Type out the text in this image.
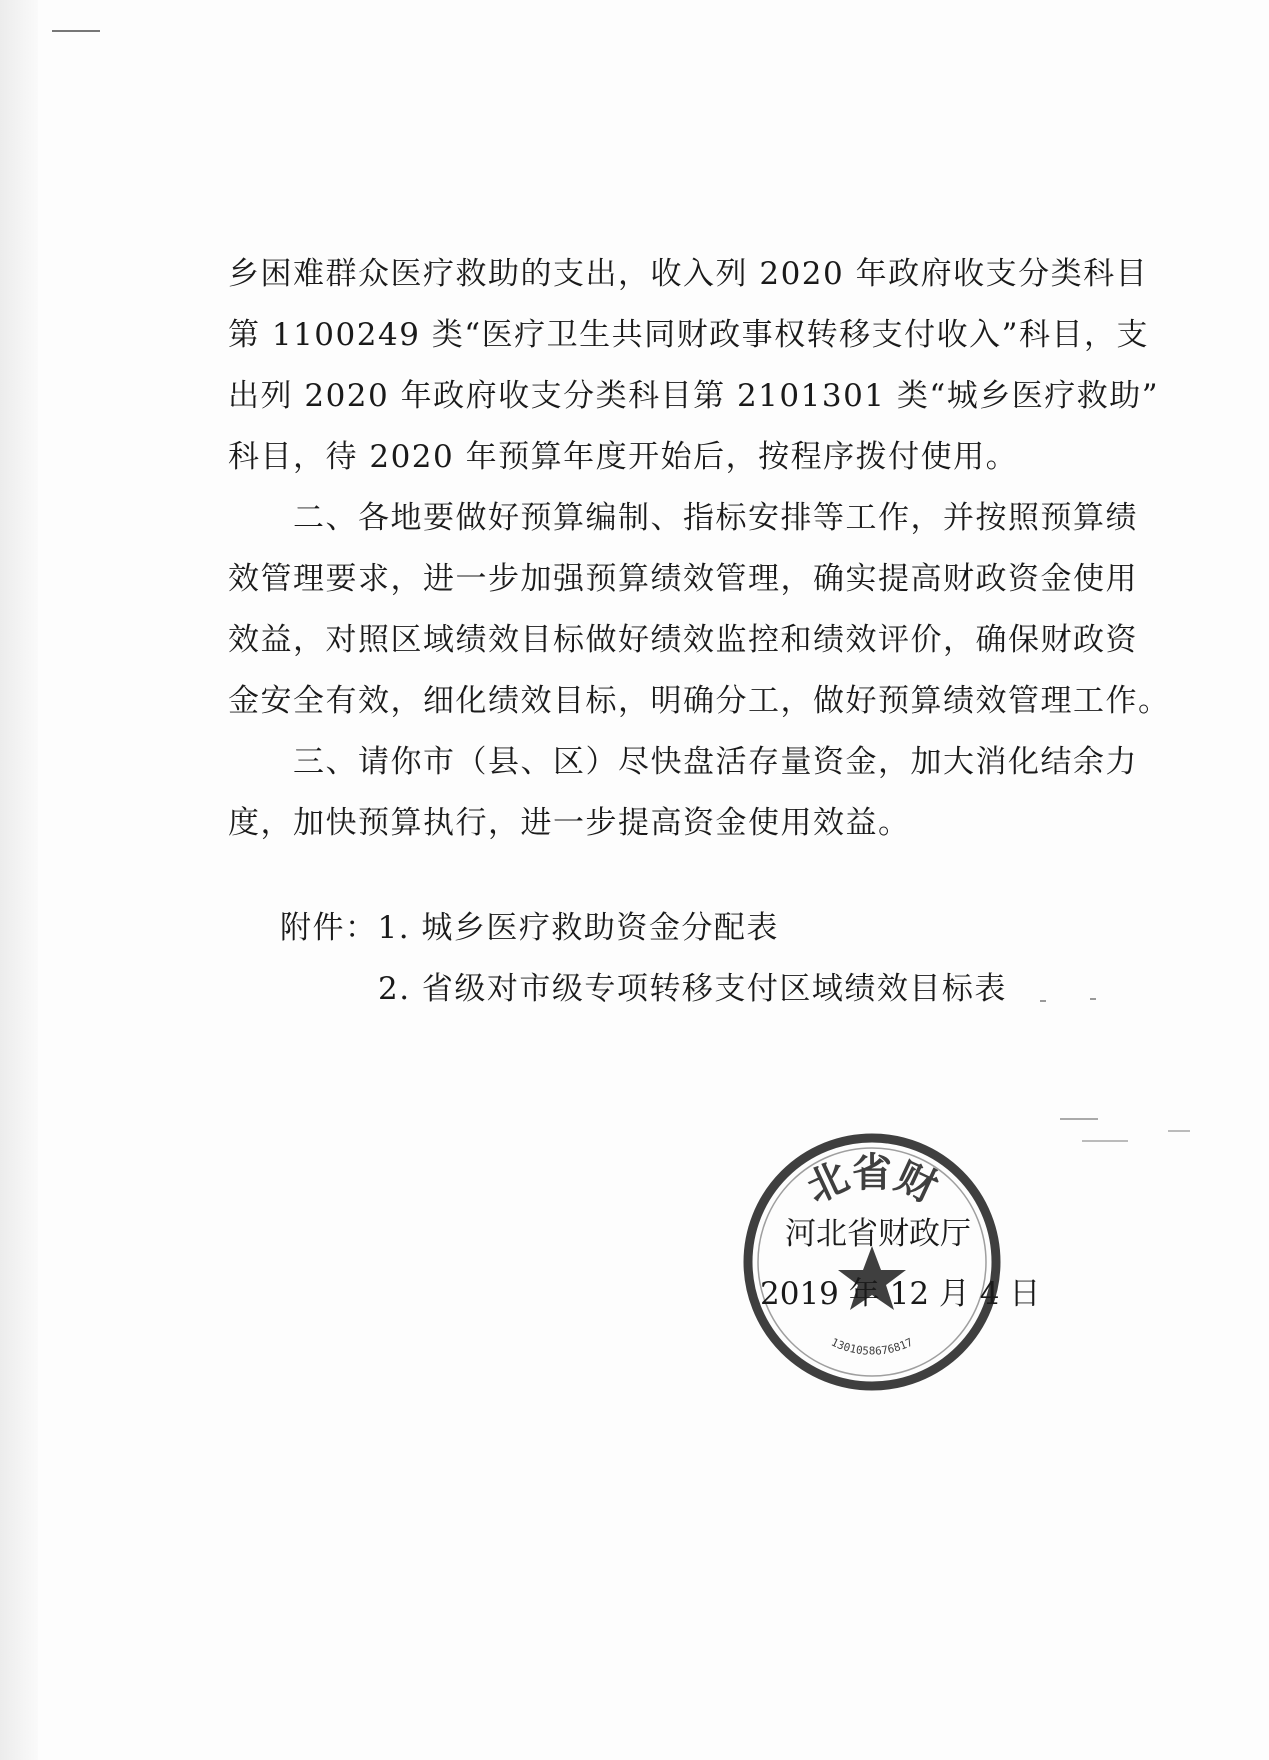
乡困难群众医疗救助的支出，收入列 2020 年政府收支分类科目
第 1100249 类“医疗卫生共同财政事权转移支付收入”科目，支
出列 2020 年政府收支分类科目第 2101301 类“城乡医疗救助”
科目，待 2020 年预算年度开始后，按程序拨付使用。
　　二、各地要做好预算编制、指标安排等工作，并按照预算绩
效管理要求，进一步加强预算绩效管理，确实提高财政资金使用
效益，对照区域绩效目标做好绩效监控和绩效评价，确保财政资
金安全有效，细化绩效目标，明确分工，做好预算绩效管理工作。
　　三、请你市（县、区）尽快盘活存量资金，加大消化结余力
度，加快预算执行，进一步提高资金使用效益。
附件：1. 城乡医疗救助资金分配表
2. 省级对市级专项转移支付区域绩效目标表
北省财
1301058676817
河北省财政厅
2019 年 12 月 4 日
